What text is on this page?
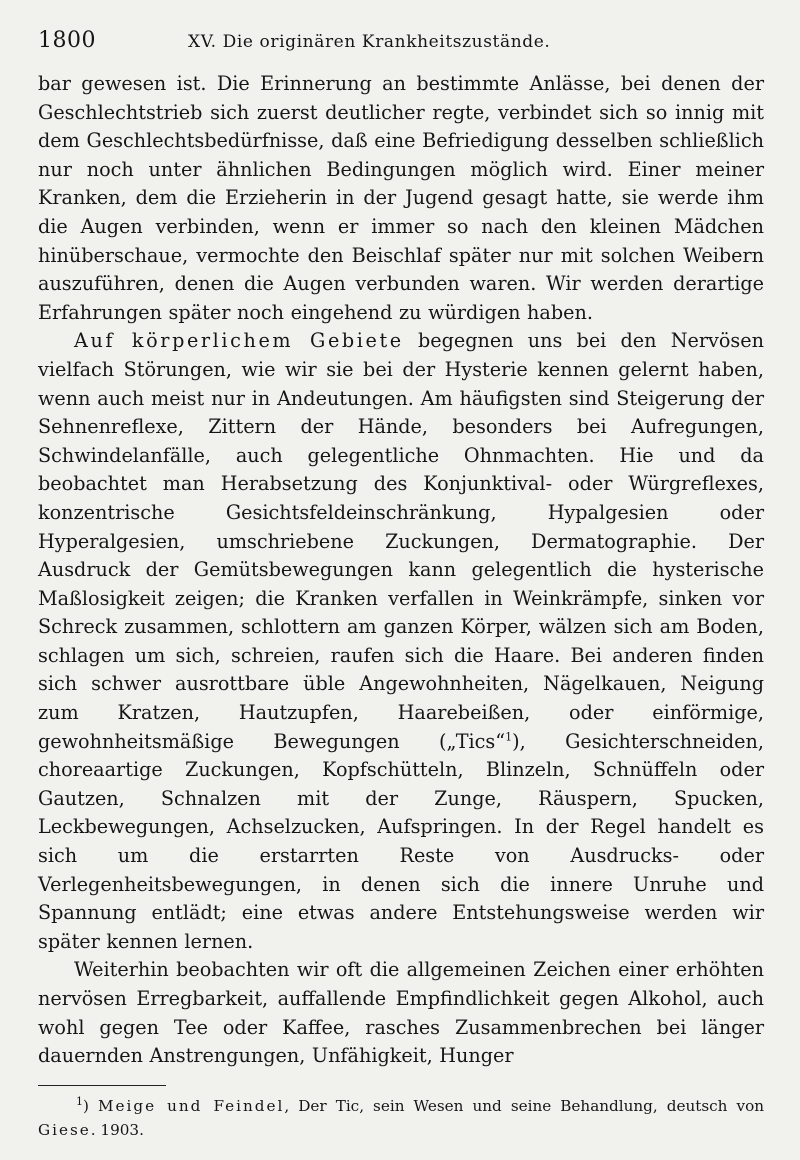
1800	XV. Die originären Krankheitszustände.

bar gewesen ist. Die Erinnerung an bestimmte Anlässe, bei denen der Geschlechtstrieb sich zuerst deutlicher regte, verbindet sich so innig mit dem Geschlechtsbedürfnisse, daß eine Befriedigung desselben schließlich nur noch unter ähnlichen Bedingungen möglich wird. Einer meiner Kranken, dem die Erzieherin in der Jugend gesagt hatte, sie werde ihm die Augen verbinden, wenn er immer so nach den kleinen Mädchen hinüberschaue, vermochte den Beischlaf später nur mit solchen Weibern auszuführen, denen die Augen verbunden waren. Wir werden derartige Erfahrungen später noch eingehend zu würdigen haben.

Auf körperlichem Gebiete begegnen uns bei den Nervösen vielfach Störungen, wie wir sie bei der Hysterie kennen gelernt haben, wenn auch meist nur in Andeutungen. Am häufigsten sind Steigerung der Sehnenreflexe, Zittern der Hände, besonders bei Aufregungen, Schwindelanfälle, auch gelegentliche Ohnmachten. Hie und da beobachtet man Herabsetzung des Konjunktival- oder Würgreflexes, konzentrische Gesichtsfeldeinschränkung, Hypalgesien oder Hyperalgesien, umschriebene Zuckungen, Dermatographie. Der Ausdruck der Gemütsbewegungen kann gelegentlich die hysterische Maßlosigkeit zeigen; die Kranken verfallen in Weinkrämpfe, sinken vor Schreck zusammen, schlottern am ganzen Körper, wälzen sich am Boden, schlagen um sich, schreien, raufen sich die Haare. Bei anderen finden sich schwer ausrottbare üble Angewohnheiten, Nägelkauen, Neigung zum Kratzen, Hautzupfen, Haarebeißen, oder einförmige, gewohnheitsmäßige Bewegungen („Tics“$^1$), Gesichterschneiden, choreaartige Zuckungen, Kopfschütteln, Blinzeln, Schnüffeln oder Gautzen, Schnalzen mit der Zunge, Räuspern, Spucken, Leckbewegungen, Achselzucken, Aufspringen. In der Regel handelt es sich um die erstarrten Reste von Ausdrucks- oder Verlegenheitsbewegungen, in denen sich die innere Unruhe und Spannung entlädt; eine etwas andere Entstehungsweise werden wir später kennen lernen.

Weiterhin beobachten wir oft die allgemeinen Zeichen einer erhöhten nervösen Erregbarkeit, auffallende Empfindlichkeit gegen Alkohol, auch wohl gegen Tee oder Kaffee, rasches Zusammenbrechen bei länger dauernden Anstrengungen, Unfähigkeit, Hunger

$^1$) Meige und Feindel, Der Tic, sein Wesen und seine Behandlung, deutsch von Giese. 1903.
